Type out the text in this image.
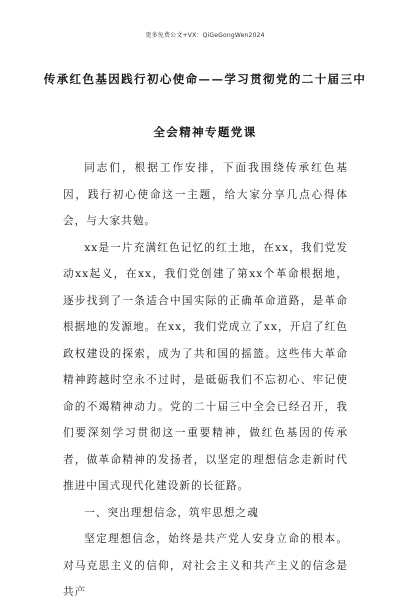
更多免费公文+VX：QiGeGongWen2024
传承红色基因践行初心使命——学习贯彻党的二十届三中
全会精神专题党课

同志们，根据工作安排，下面我围绕传承红色基因，践行初心使命这一主题，给大家分享几点心得体会，与大家共勉。

xx是一片充满红色记忆的红土地，在xx，我们党发动xx起义，在xx，我们党创建了第xx个革命根据地，逐步找到了一条适合中国实际的正确革命道路，是革命根据地的发源地。在xx，我们党成立了xx，开启了红色政权建设的探索，成为了共和国的摇篮。这些伟大革命精神跨越时空永不过时，是砥砺我们不忘初心、牢记使命的不竭精神动力。党的二十届三中全会已经召开，我们要深刻学习贯彻这一重要精神，做红色基因的传承者，做革命精神的发扬者，以坚定的理想信念走新时代推进中国式现代化建设新的长征路。

一、突出理想信念，筑牢思想之魂

坚定理想信念，始终是共产党人安身立命的根本。对马克思主义的信仰，对社会主义和共产主义的信念是共产
